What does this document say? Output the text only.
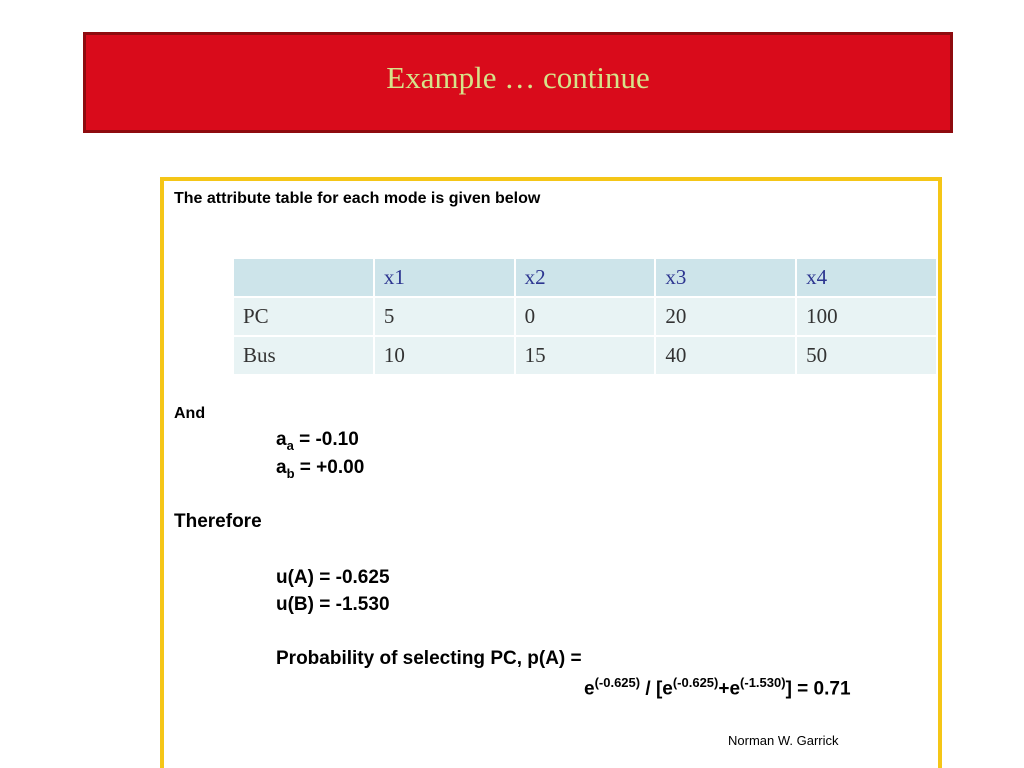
Example … continue
The attribute table for each mode is given below
	x1	x2	x3	x4
PC	5	0	20	100
Bus	10	15	40	50
And
$a_a = -0.10$
$a_b = +0.00$
Therefore
u(A) = -0.625
u(B) = -1.530
Probability of selecting PC, p(A) =
$e^{(-0.625)} / [e^{(-0.625)}+e^{(-1.530)}] = 0.71$
Norman W. Garrick
